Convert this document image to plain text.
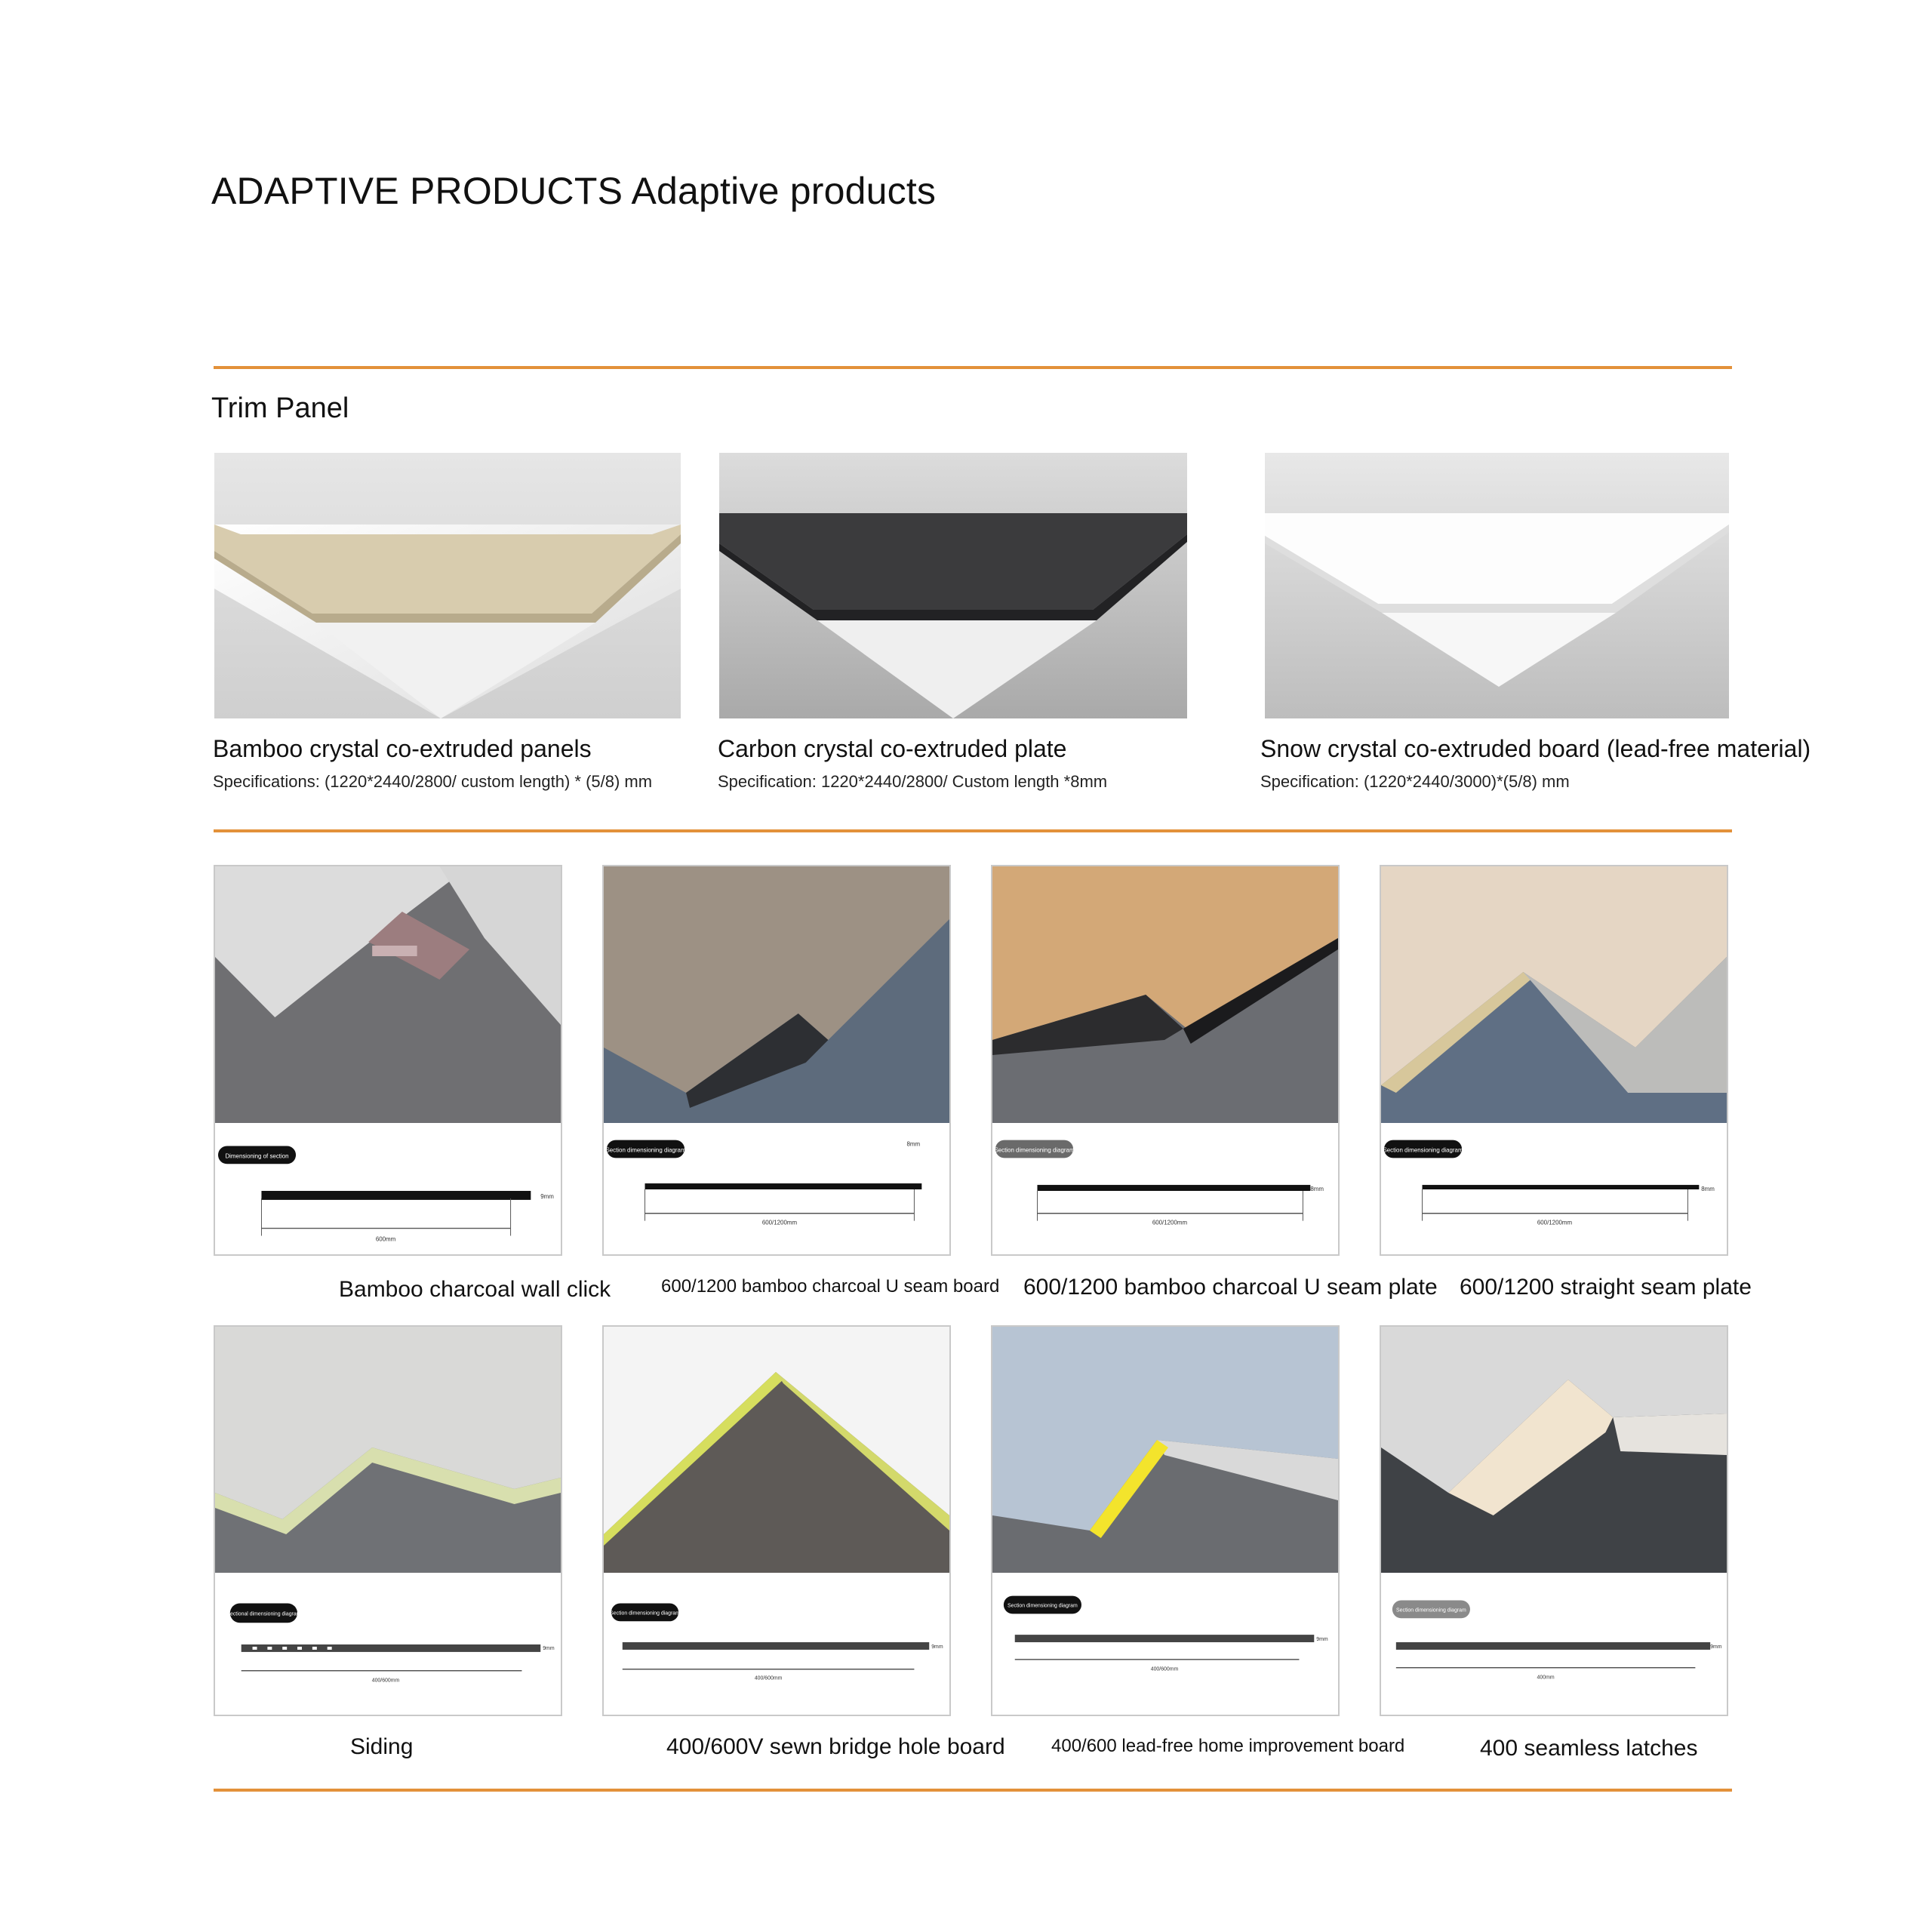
ADAPTIVE PRODUCTS Adaptive products
Trim Panel
Bamboo crystal co-extruded panels
Specifications: (1220*2440/2800/ custom length) * (5/8) mm
Carbon crystal co-extruded plate
Specification: 1220*2440/2800/ Custom length *8mm
Snow crystal co-extruded board (lead-free material)
Specification: (1220*2440/3000)*(5/8) mm
Dimensioning of section
600mm
9mm
Section dimensioning diagram
600/1200mm
8mm
Section dimensioning diagram
600/1200mm
8mm
Section dimensioning diagram
600/1200mm
8mm
Bamboo charcoal wall click	600/1200 bamboo charcoal U seam board 600/1200 bamboo charcoal U seam plate 600/1200 straight seam plate
Sectional dimensioning diagram
400/600mm
9mm
Section dimensioning diagram
400/600mm
9mm
Section dimensioning diagram
400/600mm
9mm
Section dimensioning diagram
400mm
9mm
Siding	400/600V sewn bridge hole board	400/600 lead-free home improvement board	400 seamless latches
